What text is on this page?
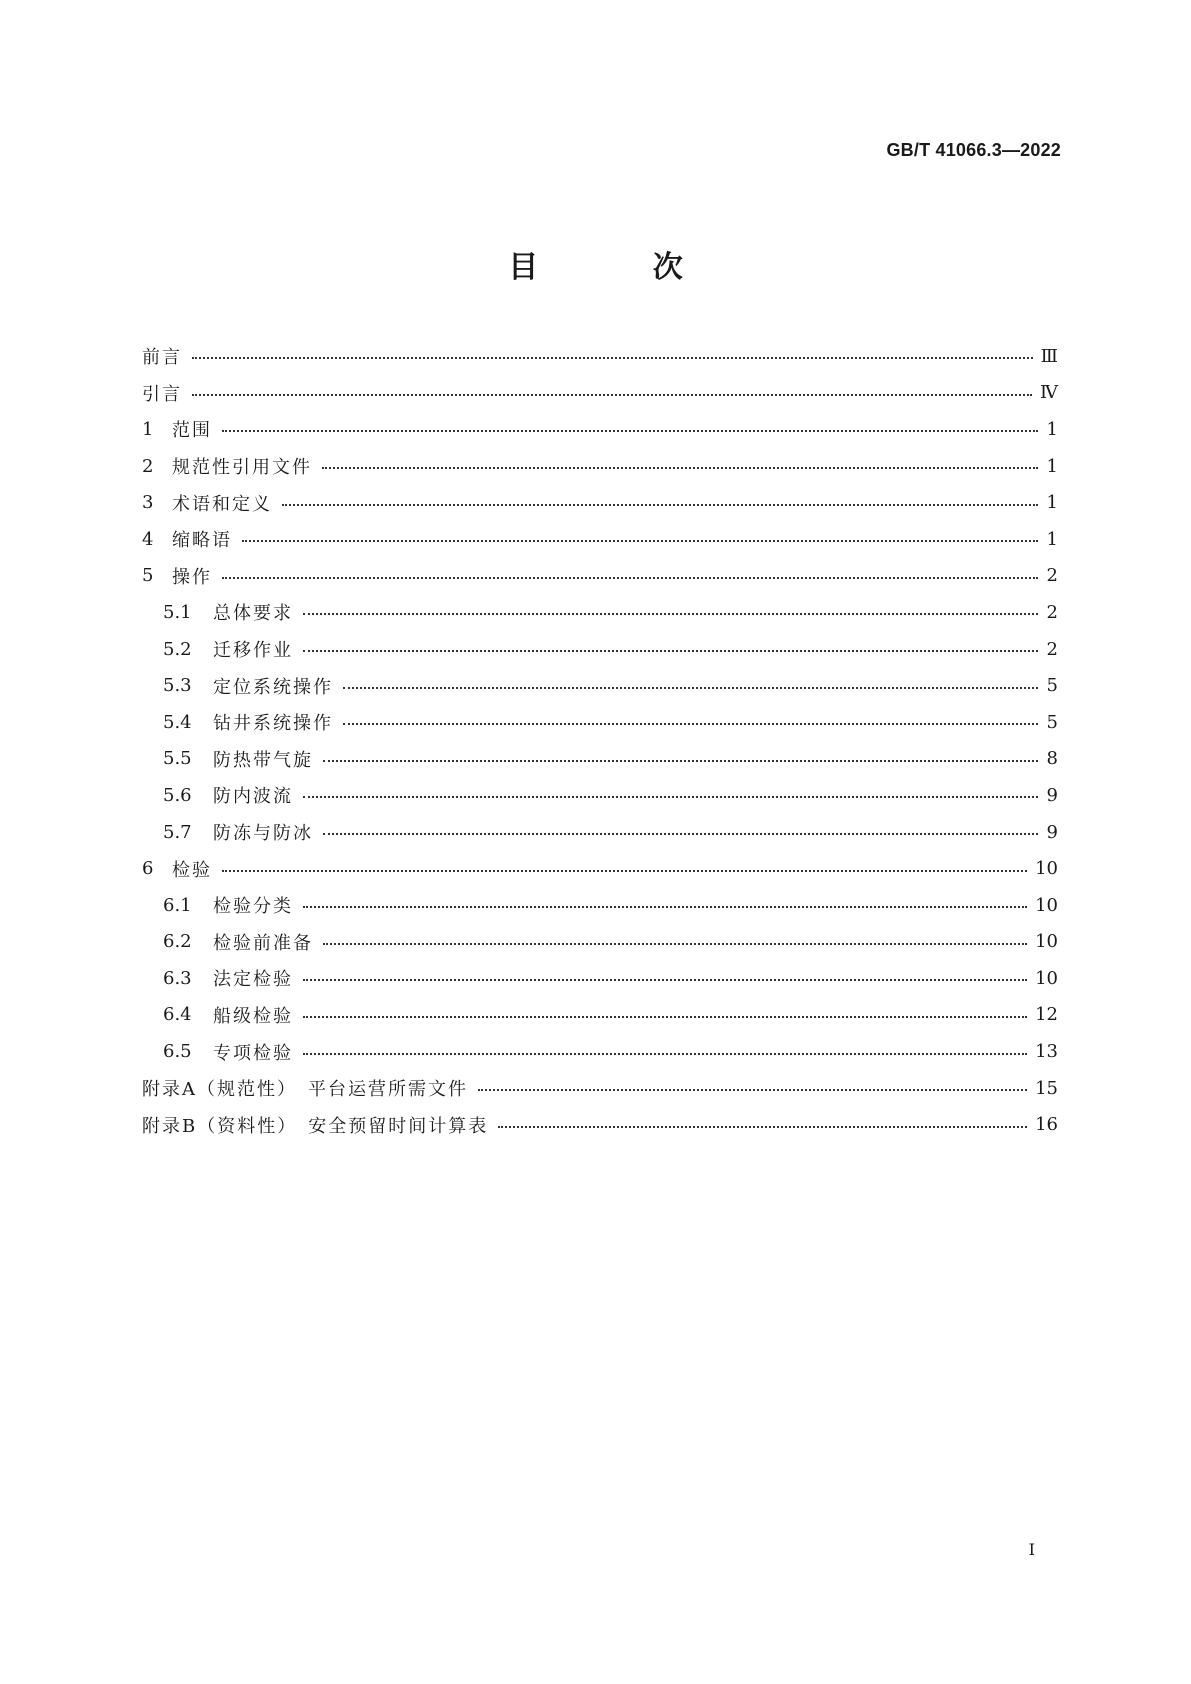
GB/T 41066.3—2022
目 次
前言	Ⅲ
引言	Ⅳ
1	范围	1
2	规范性引用文件	1
3	术语和定义	1
4	缩略语	1
5	操作	2
5.1	总体要求	2
5.2	迁移作业	2
5.3	定位系统操作	5
5.4	钻井系统操作	5
5.5	防热带气旋	8
5.6	防内波流	9
5.7	防冻与防冰	9
6	检验	10
6.1	检验分类	10
6.2	检验前准备	10
6.3	法定检验	10
6.4	船级检验	12
6.5	专项检验	13
附录A（规范性）　平台运营所需文件	15
附录B（资料性）　安全预留时间计算表	16
I
